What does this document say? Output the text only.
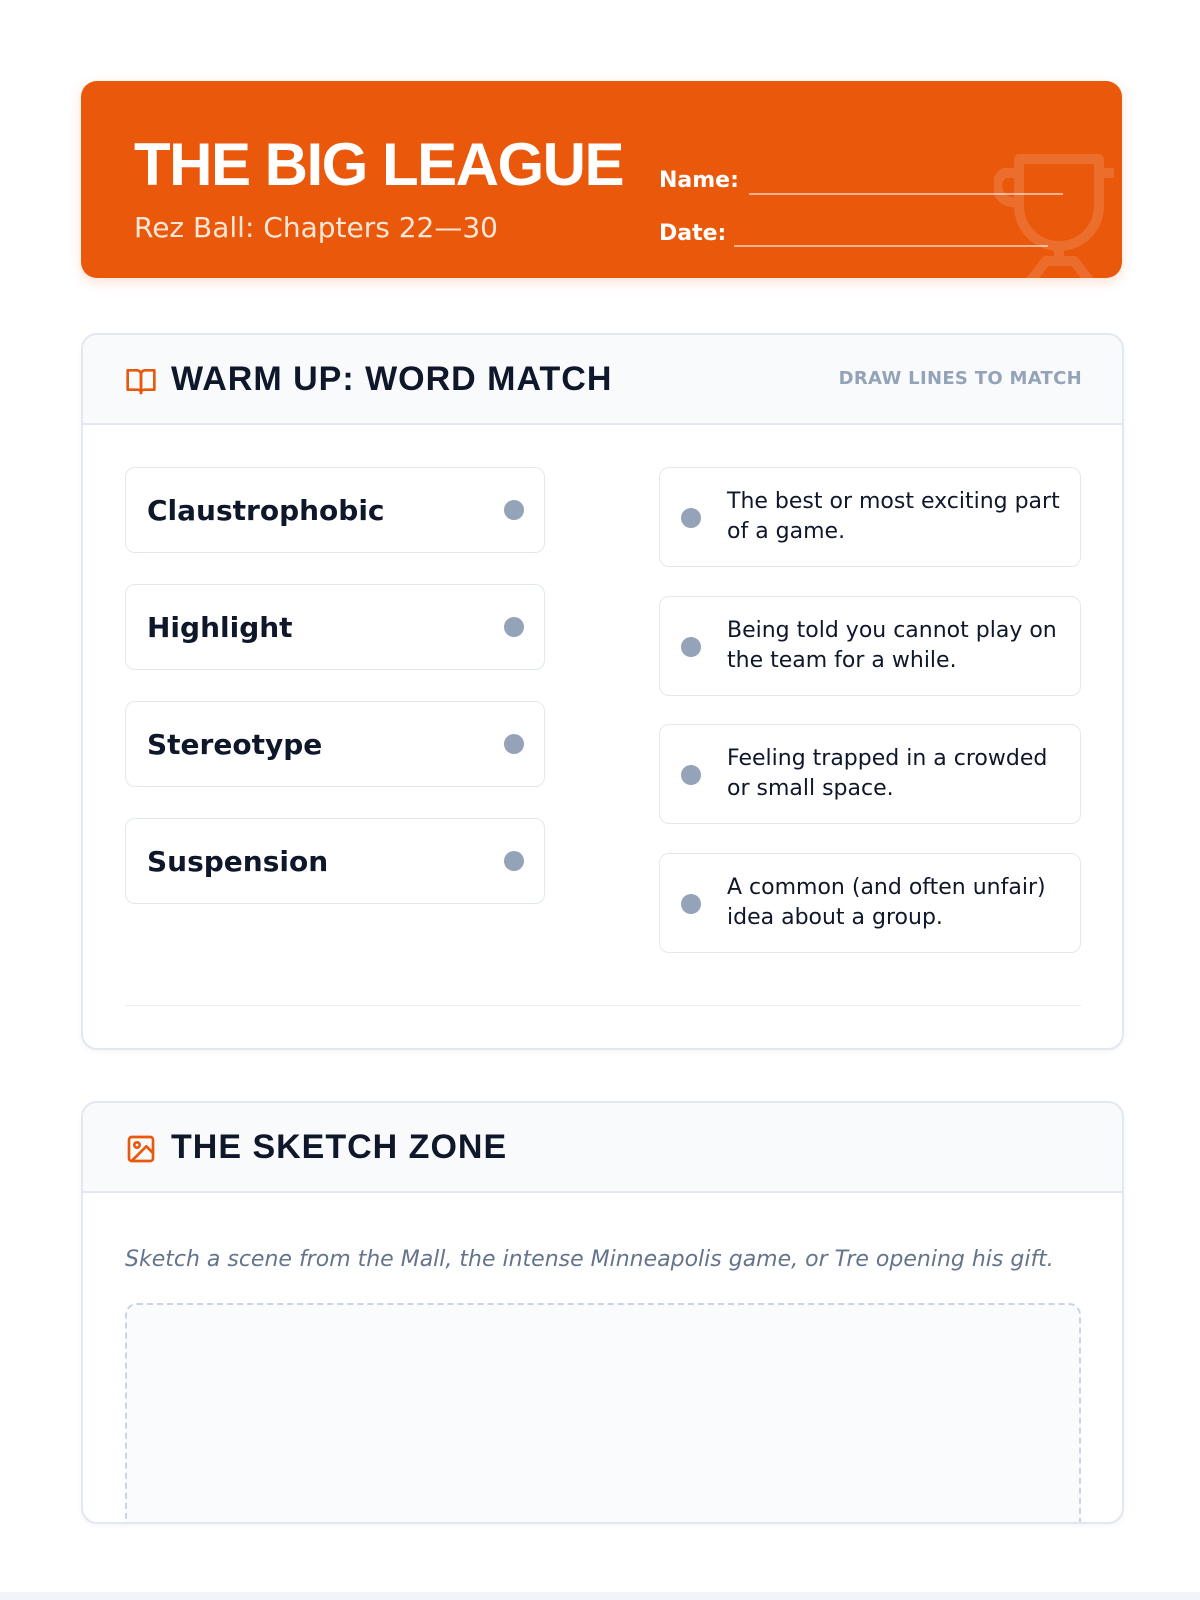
THE BIG LEAGUE
Rez Ball: Chapters 22—30
Name:
Date:
WARM UP: WORD MATCH	DRAW LINES TO MATCH
Claustrophobic
Highlight
Stereotype
Suspension
The best or most exciting part of a game.
Being told you cannot play on the team for a while.
Feeling trapped in a crowded or small space.
A common (and often unfair) idea about a group.
THE SKETCH ZONE
Sketch a scene from the Mall, the intense Minneapolis game, or Tre opening his gift.
